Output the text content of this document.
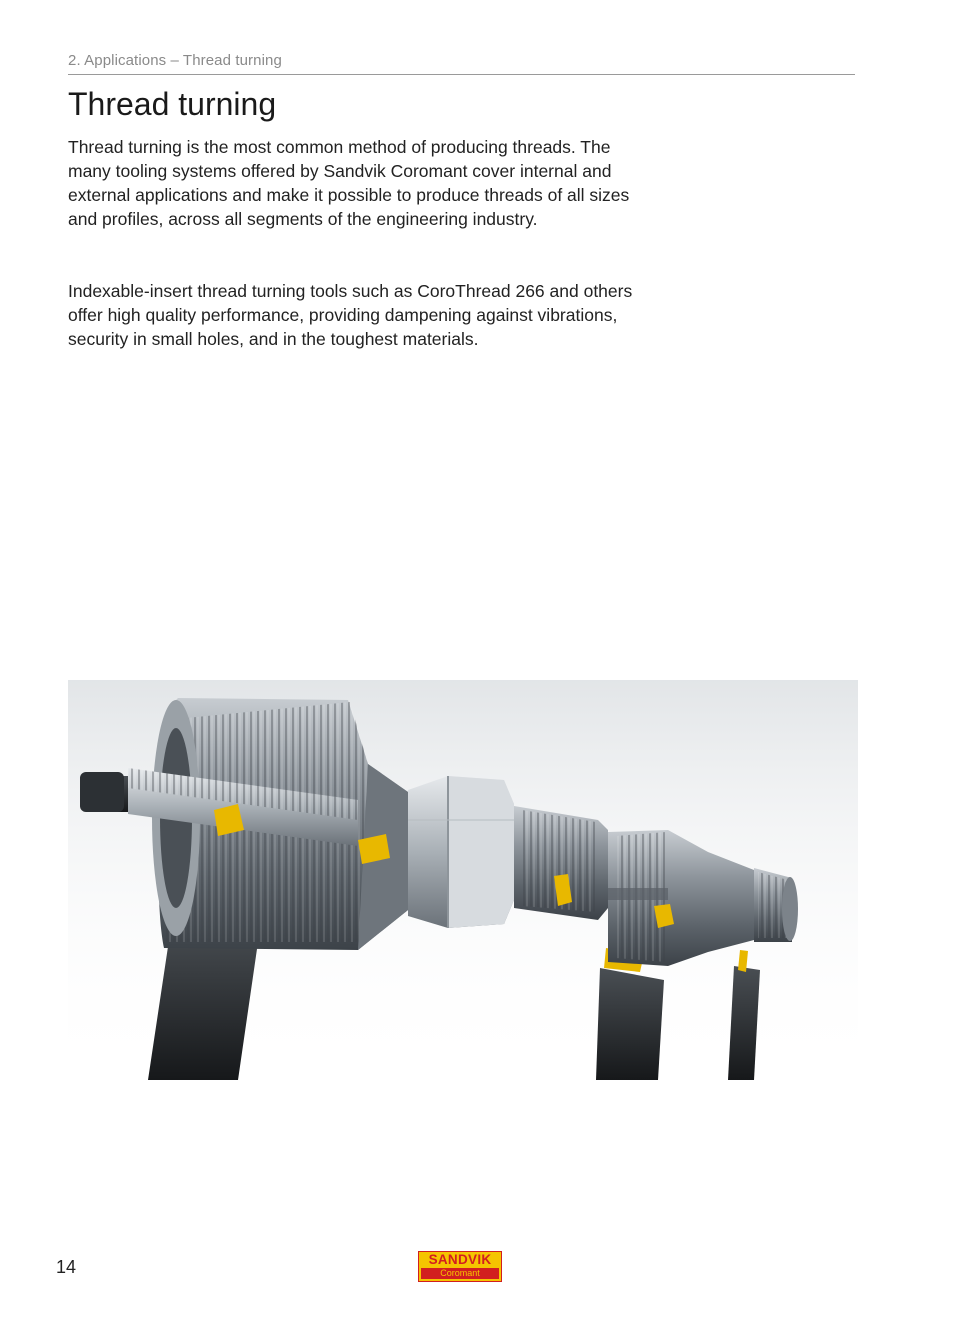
2. Applications – Thread turning
Thread turning

Thread turning is the most common method of producing threads. The many tooling systems offered by Sandvik Coromant cover internal and external applications and make it possible to produce threads of all sizes and profiles, across all segments of the engineering industry.

Indexable-insert thread turning tools such as CoroThread 266 and others offer high quality performance, providing dampening against vibrations, security in small holes, and in the toughest materials.

14	SANDVIK
Coromant
